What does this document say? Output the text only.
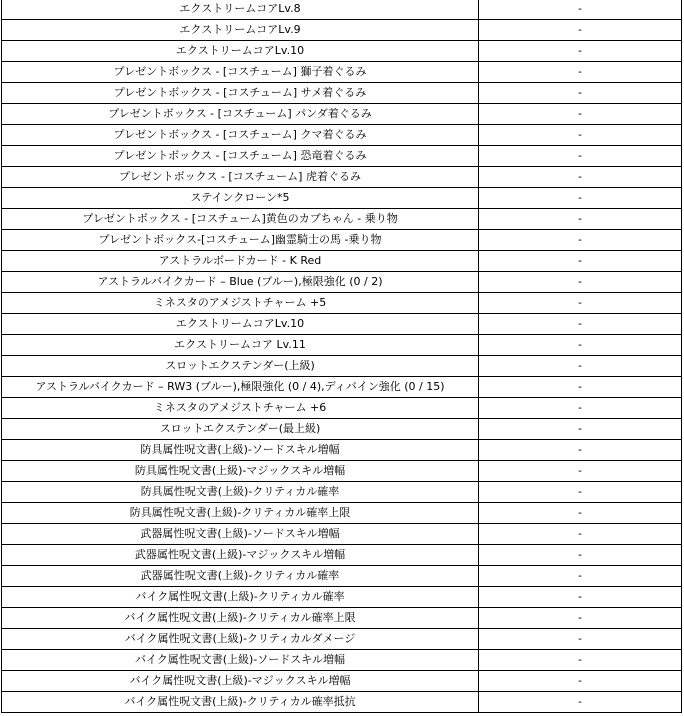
エクストリームコアLv.8	-
エクストリームコアLv.9	-
エクストリームコアLv.10	-
プレゼントボックス - [コスチューム] 獅子着ぐるみ	-
プレゼントボックス - [コスチューム] サメ着ぐるみ	-
プレゼントボックス - [コスチューム] パンダ着ぐるみ	-
プレゼントボックス - [コスチューム] クマ着ぐるみ	-
プレゼントボックス - [コスチューム] 恐竜着ぐるみ	-
プレゼントボックス - [コスチューム] 虎着ぐるみ	-
ステインクローン*5	-
プレゼントボックス - [コスチューム]黄色のカブちゃん - 乗り物	-
プレゼントボックス-[コスチューム]幽霊騎士の馬 -乗り物	-
アストラルボードカード - K Red	-
アストラルバイクカード – Blue (ブルー),極限強化 (0 / 2)	-
ミネスタのアメジストチャーム +5	-
エクストリームコアLv.10	-
エクストリームコア Lv.11	-
スロットエクステンダー(上級)	-
アストラルバイクカード – RW3 (ブルー),極限強化 (0 / 4),ディバイン強化 (0 / 15)	-
ミネスタのアメジストチャーム +6	-
スロットエクステンダー(最上級)	-
防具属性呪文書(上級)-ソードスキル増幅	-
防具属性呪文書(上級)-マジックスキル増幅	-
防具属性呪文書(上級)-クリティカル確率	-
防具属性呪文書(上級)-クリティカル確率上限	-
武器属性呪文書(上級)-ソードスキル増幅	-
武器属性呪文書(上級)-マジックスキル増幅	-
武器属性呪文書(上級)-クリティカル確率	-
バイク属性呪文書(上級)-クリティカル確率	-
バイク属性呪文書(上級)-クリティカル確率上限	-
バイク属性呪文書(上級)-クリティカルダメージ	-
バイク属性呪文書(上級)-ソードスキル増幅	-
バイク属性呪文書(上級)-マジックスキル増幅	-
バイク属性呪文書(上級)-クリティカル確率抵抗	-
